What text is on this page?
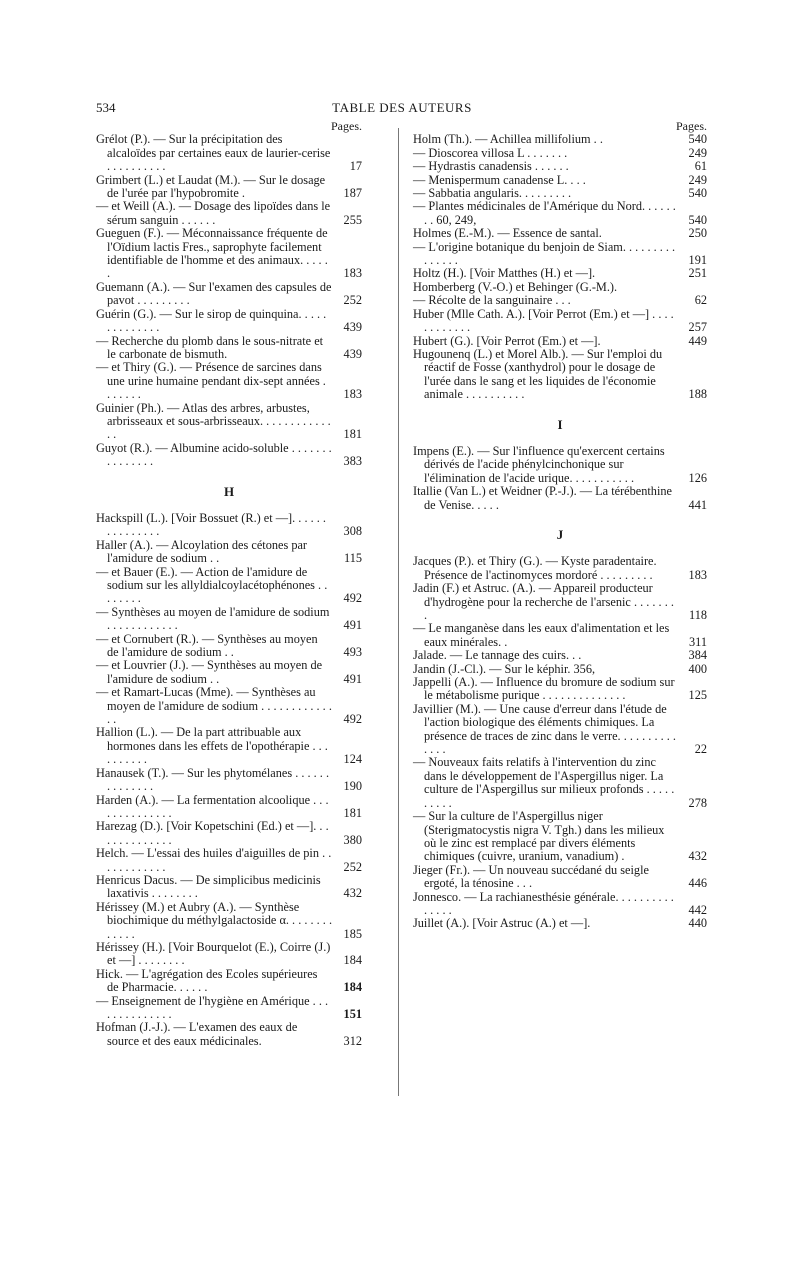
534	TABLE DES AUTEURS
Pages.
Grélot (P.). — Sur la précipitation des alcaloïdes par certaines eaux de laurier-cerise . . . . . . . . . .	17
Grimbert (L.) et Laudat (M.). — Sur le dosage de l'urée par l'hypobromite .	187
— et Weill (A.). — Dosage des lipoïdes dans le sérum sanguin . . . . . .	255
Gueguen (F.). — Méconnaissance fréquente de l'Oïdium lactis Fres., saprophyte facilement identifiable de l'homme et des animaux. . . . . .	183
Guemann (A.). — Sur l'examen des capsules de pavot . . . . . . . . .	252
Guérin (G.). — Sur le sirop de quinquina. . . . . . . . . . . . . .	439
— Recherche du plomb dans le sous-nitrate et le carbonate de bismuth.	439
— et Thiry (G.). — Présence de sarcines dans une urine humaine pendant dix-sept années . . . . . . .	183
Guinier (Ph.). — Atlas des arbres, arbustes, arbrisseaux et sous-arbrisseaux. . . . . . . . . . . . . .	181
Guyot (R.). — Albumine acido-soluble . . . . . . . . . . . . . . .	383
H
Hackspill (L.). [Voir Bossuet (R.) et —]. . . . . . . . . . . . . . .	308
Haller (A.). — Alcoylation des cétones par l'amidure de sodium . .	115
— et Bauer (E.). — Action de l'amidure de sodium sur les allyldialcoylacétophénones . . . . . . . .	492
— Synthèses au moyen de l'amidure de sodium . . . . . . . . . . . .	491
— et Cornubert (R.). — Synthèses au moyen de l'amidure de sodium . .	493
— et Louvrier (J.). — Synthèses au moyen de l'amidure de sodium . .	491
— et Ramart-Lucas (Mme). — Synthèses au moyen de l'amidure de sodium . . . . . . . . . . . . . .	492
Hallion (L.). — De la part attribuable aux hormones dans les effets de l'opothérapie . . . . . . . . . .	124
Hanausek (T.). — Sur les phytomélanes . . . . . . . . . . . . . .	190
Harden (A.). — La fermentation alcoolique . . . . . . . . . . . . . .	181
Harezag (D.). [Voir Kopetschini (Ed.) et —]. . . . . . . . . . . . . .	380
Helch. — L'essai des huiles d'aiguilles de pin . . . . . . . . . . . .	252
Henricus Dacus. — De simplicibus medicinis laxativis . . . . . . . .	432
Hérissey (M.) et Aubry (A.). — Synthèse biochimique du méthylgalactoside α. . . . . . . . . . . . .	185
Hérissey (H.). [Voir Bourquelot (E.), Coirre (J.) et —] . . . . . . . .	184
Hick. — L'agrégation des Ecoles supérieures de Pharmacie. . . . . .	184
— Enseignement de l'hygiène en Amérique . . . . . . . . . . . . . .	151
Hofman (J.-J.). — L'examen des eaux de source et des eaux médicinales.	312
Pages.
Holm (Th.). — Achillea millifolium . .	540
— Dioscorea villosa L . . . . . . .	249
— Hydrastis canadensis . . . . . .	61
— Menispermum canadense L. . . .	249
— Sabbatia angularis. . . . . . . . .	540
— Plantes médicinales de l'Amérique du Nord. . . . . . . . 60, 249,	540
Holmes (E.-M.). — Essence de santal.	250
— L'origine botanique du benjoin de Siam. . . . . . . . . . . . . . .	191
Holtz (H.). [Voir Matthes (H.) et —].	251
Homberberg (V.-O.) et Behinger (G.-M.).
— Récolte de la sanguinaire . . .	62
Huber (Mlle Cath. A.). [Voir Perrot (Em.) et —] . . . . . . . . . . . .	257
Hubert (G.). [Voir Perrot (Em.) et —].	449
Hugounenq (L.) et Morel Alb.). — Sur l'emploi du réactif de Fosse (xanthydrol) pour le dosage de l'urée dans le sang et les liquides de l'économie animale . . . . . . . . . .	188
I
Impens (E.). — Sur l'influence qu'exercent certains dérivés de l'acide phénylcinchonique sur l'élimination de l'acide urique. . . . . . . . . . .	126
Itallie (Van L.) et Weidner (P.-J.). — La térébenthine de Venise. . . . .	441
J
Jacques (P.). et Thiry (G.). — Kyste paradentaire. Présence de l'actinomyces mordoré . . . . . . . . .	183
Jadin (F.) et Astruc. (A.). — Appareil producteur d'hydrogène pour la recherche de l'arsenic . . . . . . . .	118
— Le manganèse dans les eaux d'alimentation et les eaux minérales. .	311
Jalade. — Le tannage des cuirs. . .	384
Jandin (J.-Cl.). — Sur le képhir. 356,	400
Jappelli (A.). — Influence du bromure de sodium sur le métabolisme purique . . . . . . . . . . . . . .	125
Javillier (M.). — Une cause d'erreur dans l'étude de l'action biologique des éléments chimiques. La présence de traces de zinc dans le verre. . . . . . . . . . . . . .	22
— Nouveaux faits relatifs à l'intervention du zinc dans le développement de l'Aspergillus niger. La culture de l'Aspergillus sur milieux profonds . . . . . . . . . .	278
— Sur la culture de l'Aspergillus niger (Sterigmatocystis nigra V. Tgh.) dans les milieux où le zinc est remplacé par divers éléments chimiques (cuivre, uranium, vanadium) .	432
Jieger (Fr.). — Un nouveau succédané du seigle ergoté, la ténosine . . .	446
Jonnesco. — La rachianesthésie générale. . . . . . . . . . . . . . .	442
Juillet (A.). [Voir Astruc (A.) et —].	440
